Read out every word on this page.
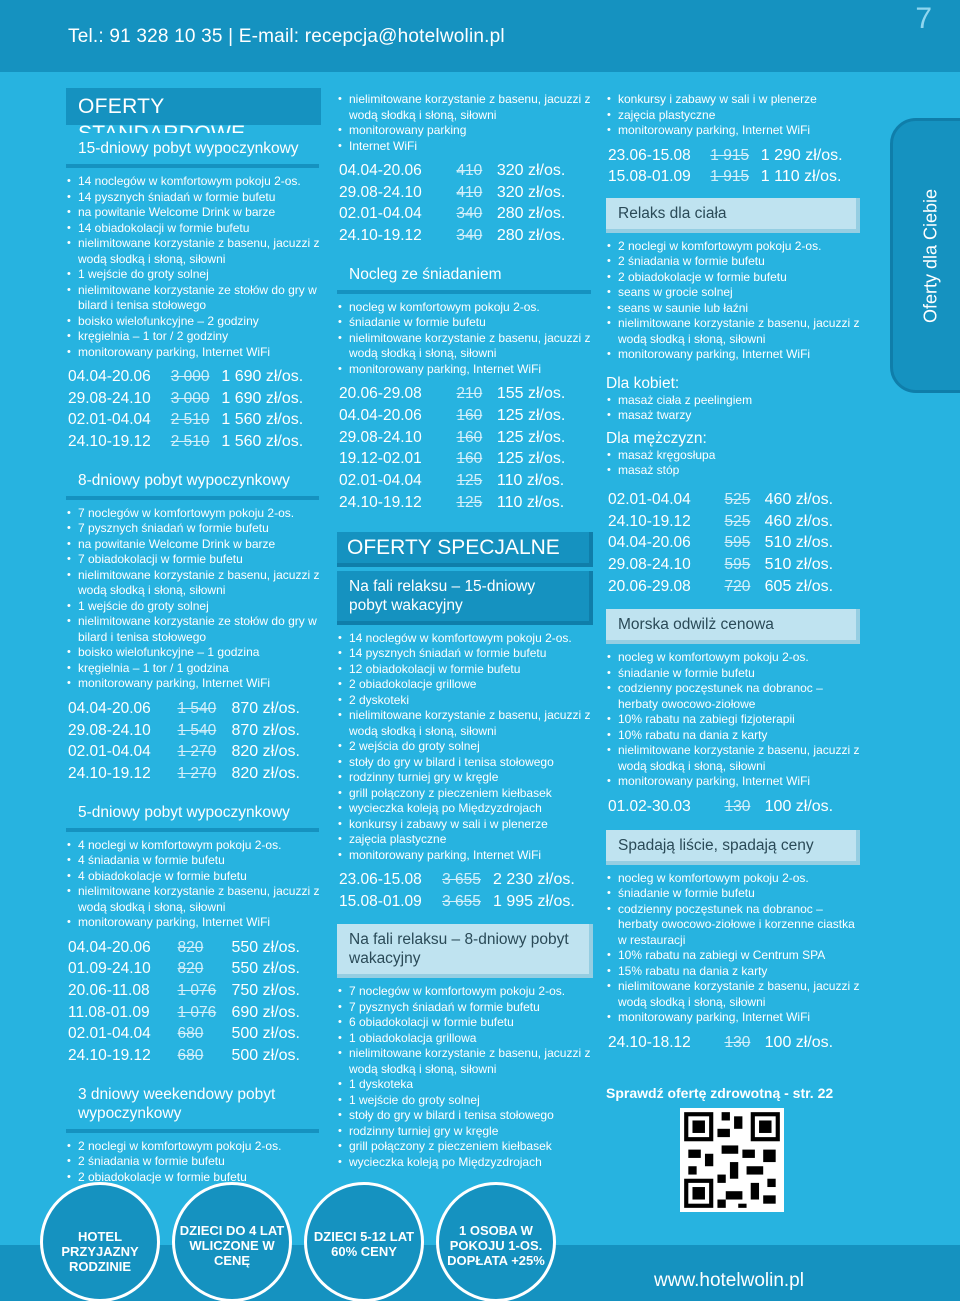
Tel.: 91 328 10 35 | E-mail: recepcja@hotelwolin.pl
7
Oferty dla Ciebie
OFERTY
15-dniowy pobyt wypoczynkowy
• 14 noclegów w komfortowym pokoju 2-os.
• 14 pysznych śniadań w formie bufetu
• na powitanie Welcome Drink w barze
• 14 obiadokolacji w formie bufetu
• nielimitowane korzystanie z basenu, jacuzzi z wodą słodką i słoną, siłowni
• 1 wejście do groty solnej
• nielimitowane korzystanie ze stołów do gry w bilard i tenisa stołowego
• boisko wielofunkcyjne – 2 godziny
• kręgielnia – 1 tor / 2 godziny
• monitorowany parking, Internet WiFi
04.04-20.06	3 000	1 690 zł/os.
29.08-24.10	3 000	1 690 zł/os.
02.01-04.04	2 510	1 560 zł/os.
24.10-19.12	2 510	1 560 zł/os.
8-dniowy pobyt wypoczynkowy
• 7 noclegów w komfortowym pokoju 2-os.
• 7 pysznych śniadań w formie bufetu
• na powitanie Welcome Drink w barze
• 7 obiadokolacji w formie bufetu
• nielimitowane korzystanie z basenu, jacuzzi z wodą słodką i słoną, siłowni
• 1 wejście do groty solnej
• nielimitowane korzystanie ze stołów do gry w bilard i tenisa stołowego
• boisko wielofunkcyjne – 1 godzina
• kręgielnia – 1 tor / 1 godzina
• monitorowany parking, Internet WiFi
04.04-20.06	1 540	870 zł/os.
29.08-24.10	1 540	870 zł/os.
02.01-04.04	1 270	820 zł/os.
24.10-19.12	1 270	820 zł/os.
5-dniowy pobyt wypoczynkowy
• 4 noclegi w komfortowym pokoju 2-os.
• 4 śniadania w formie bufetu
• 4 obiadokolacje w formie bufetu
• nielimitowane korzystanie z basenu, jacuzzi z wodą słodką i słoną, siłowni
• monitorowany parking, Internet WiFi
04.04-20.06	820	550 zł/os.
01.09-24.10	820	550 zł/os.
20.06-11.08	1 076	750 zł/os.
11.08-01.09	1 076	690 zł/os.
02.01-04.04	680	500 zł/os.
24.10-19.12	680	500 zł/os.
3 dniowy weekendowy pobyt wypoczynkowy
• 2 noclegi w komfortowym pokoju 2-os.
• 2 śniadania w formie bufetu
• 2 obiadokolacje w formie bufetu
• nielimitowane korzystanie z basenu, jacuzzi z wodą słodką i słoną, siłowni
• monitorowany parking
• Internet WiFi
04.04-20.06	410	320 zł/os.
29.08-24.10	410	320 zł/os.
02.01-04.04	340	280 zł/os.
24.10-19.12	340	280 zł/os.
Nocleg ze śniadaniem
• nocleg w komfortowym pokoju 2-os.
• śniadanie w formie bufetu
• nielimitowane korzystanie z basenu, jacuzzi z wodą słodką i słoną, siłowni
• monitorowany parking, Internet WiFi
20.06-29.08	210	155 zł/os.
04.04-20.06	160	125 zł/os.
29.08-24.10	160	125 zł/os.
19.12-02.01	160	125 zł/os.
02.01-04.04	125	110 zł/os.
24.10-19.12	125	110 zł/os.
OFERTY SPECJALNE
Na fali relaksu – 15-dniowy pobyt wakacyjny
• 14 noclegów w komfortowym pokoju 2-os.
• 14 pysznych śniadań w formie bufetu
• 12 obiadokolacji w formie bufetu
• 2 obiadokolacje grillowe
• 2 dyskoteki
• nielimitowane korzystanie z basenu, jacuzzi z wodą słodką i słoną, siłowni
• 2 wejścia do groty solnej
• stoły do gry w bilard i tenisa stołowego
• rodzinny turniej gry w kręgle
• grill połączony z pieczeniem kiełbasek
• wycieczka koleją po Międzyzdrojach
• konkursy i zabawy w sali i w plenerze
• zajęcia plastyczne
• monitorowany parking, Internet WiFi
23.06-15.08	3 655	2 230 zł/os.
15.08-01.09	3 655	1 995 zł/os.
Na fali relaksu – 8-dniowy pobyt wakacyjny
• 7 noclegów w komfortowym pokoju 2-os.
• 7 pysznych śniadań w formie bufetu
• 6 obiadokolacji w formie bufetu
• 1 obiadokolacja grillowa
• nielimitowane korzystanie z basenu, jacuzzi z wodą słodką i słoną, siłowni
• 1 dyskoteka
• 1 wejście do groty solnej
• stoły do gry w bilard i tenisa stołowego
• rodzinny turniej gry w kręgle
• grill połączony z pieczeniem kiełbasek
• wycieczka koleją po Międzyzdrojach
• konkursy i zabawy w sali i w plenerze
• zajęcia plastyczne
• monitorowany parking, Internet WiFi
23.06-15.08	1 915	1 290 zł/os.
15.08-01.09	1 915	1 110 zł/os.
Relaks dla ciała
• 2 noclegi w komfortowym pokoju 2-os.
• 2 śniadania w formie bufetu
• 2 obiadokolacje w formie bufetu
• seans w grocie solnej
• seans w saunie lub łaźni
• nielimitowane korzystanie z basenu, jacuzzi z wodą słodką i słoną, siłowni
• monitorowany parking, Internet WiFi
Dla kobiet:
• masaż ciała z peelingiem
• masaż twarzy
Dla mężczyzn:
• masaż kręgosłupa
• masaż stóp
02.01-04.04	525	460 zł/os.
24.10-19.12	525	460 zł/os.
04.04-20.06	595	510 zł/os.
29.08-24.10	595	510 zł/os.
20.06-29.08	720	605 zł/os.
Morska odwilż cenowa
• nocleg w komfortowym pokoju 2-os.
• śniadanie w formie bufetu
• codzienny poczęstunek na dobranoc – herbaty owocowo-ziołowe
• 10% rabatu na zabiegi fizjoterapii
• 10% rabatu na dania z karty
• nielimitowane korzystanie z basenu, jacuzzi z wodą słodką i słoną, siłowni
• monitorowany parking, Internet WiFi
01.02-30.03	130	100 zł/os.
Spadają liście, spadają ceny
• nocleg w komfortowym pokoju 2-os.
• śniadanie w formie bufetu
• codzienny poczęstunek na dobranoc – herbaty owocowo-ziołowe i korzenne ciastka w restauracji
• 10% rabatu na zabiegi w Centrum SPA
• 15% rabatu na dania z karty
• nielimitowane korzystanie z basenu, jacuzzi z wodą słodką i słoną, siłowni
• monitorowany parking, Internet WiFi
24.10-18.12	130	100 zł/os.
Sprawdź ofertę zdrowotną - str. 22
www.hotelwolin.pl
HOTEL PRZYJAZNY RODZINIE
DZIECI DO 4 LAT WLICZONE W CENĘ
DZIECI 5-12 LAT 60% CENY
1 OSOBA W POKOJU 1-OS. DOPŁATA +25%
